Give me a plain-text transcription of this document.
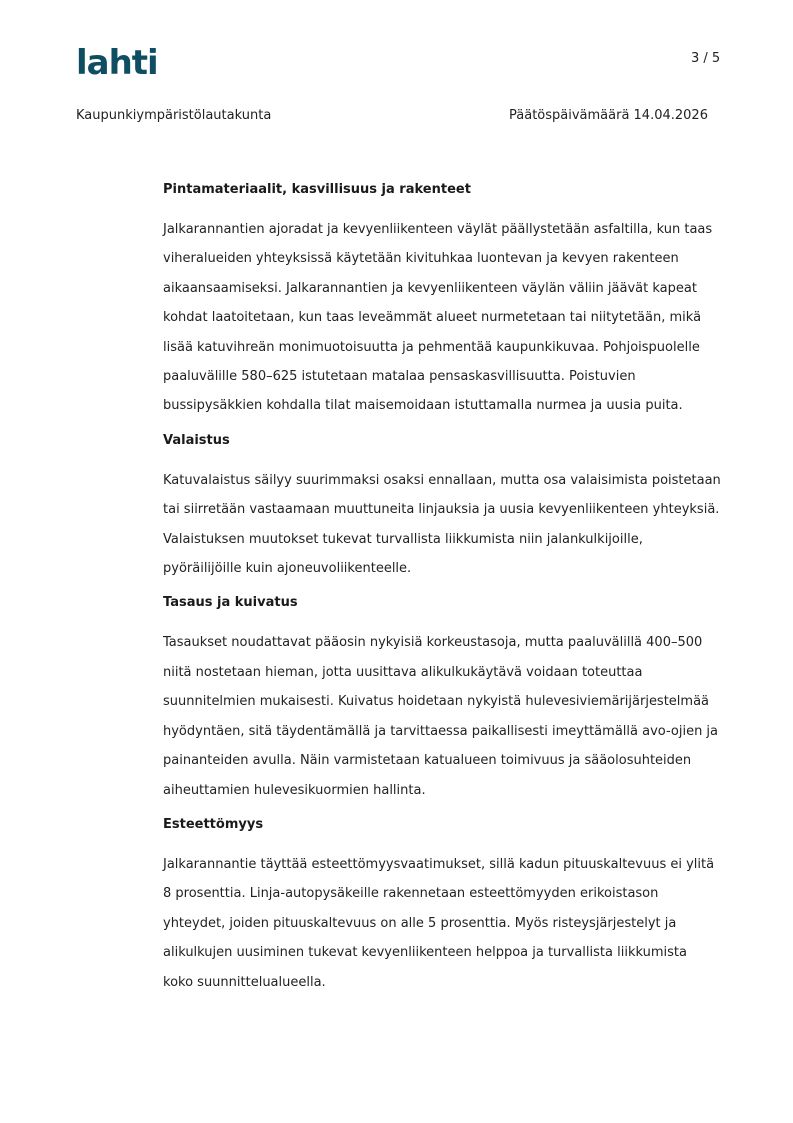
lahti	3 / 5
Kaupunkiympäristölautakunta	Päätöspäivämäärä 14.04.2026
Pintamateriaalit, kasvillisuus ja rakenteet

Jalkarannantien ajoradat ja kevyenliikenteen väylät päällystetään asfaltilla, kun taas viheralueiden yhteyksissä käytetään kivituhkaa luontevan ja kevyen rakenteen aikaansaamiseksi. Jalkarannantien ja kevyenliikenteen väylän väliin jäävät kapeat kohdat laatoitetaan, kun taas leveämmät alueet nurmetetaan tai niitytetään, mikä lisää katuvihreän monimuotoisuutta ja pehmentää kaupunkikuvaa. Pohjoispuolelle paaluvälille 580–625 istutetaan matalaa pensaskasvillisuutta. Poistuvien bussipysäkkien kohdalla tilat maisemoidaan istuttamalla nurmea ja uusia puita.

Valaistus

Katuvalaistus säilyy suurimmaksi osaksi ennallaan, mutta osa valaisimista poistetaan tai siirretään vastaamaan muuttuneita linjauksia ja uusia kevyenliikenteen yhteyksiä. Valaistuksen muutokset tukevat turvallista liikkumista niin jalankulkijoille, pyöräilijöille kuin ajoneuvoliikenteelle.

Tasaus ja kuivatus

Tasaukset noudattavat pääosin nykyisiä korkeustasoja, mutta paaluvälillä 400–500 niitä nostetaan hieman, jotta uusittava alikulkukäytävä voidaan toteuttaa suunnitelmien mukaisesti. Kuivatus hoidetaan nykyistä hulevesiviemärijärjestelmää hyödyntäen, sitä täydentämällä ja tarvittaessa paikallisesti imeyttämällä avo-ojien ja painanteiden avulla. Näin varmistetaan katualueen toimivuus ja sääolosuhteiden aiheuttamien hulevesikuormien hallinta.

Esteettömyys

Jalkarannantie täyttää esteettömyysvaatimukset, sillä kadun pituuskaltevuus ei ylitä 8 prosenttia. Linja-autopysäkeille rakennetaan esteettömyyden erikoistason yhteydet, joiden pituuskaltevuus on alle 5 prosenttia. Myös risteysjärjestelyt ja alikulkujen uusiminen tukevat kevyenliikenteen helppoa ja turvallista liikkumista koko suunnittelualueella.
